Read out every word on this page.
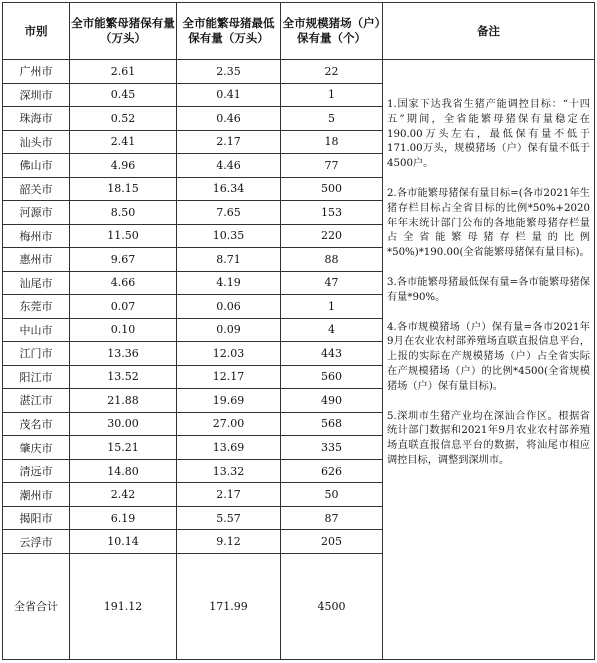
市别	全市能繁母猪保有量（万头）	全市能繁母猪最低保有量（万头）	全市规模猪场（户）保有量（个）	备注
广州市	2.61	2.35	22	1.国家下达我省生猪产能调控目标：“十四五”期间，全省能繁母猪保有量稳定在190.00万头左右，最低保有量不低于171.00万头，规模猪场（户）保有量不低于4500户。
2.各市能繁母猪保有量目标=(各市2021年生猪存栏目标占全省目标的比例*50%+2020年年末统计部门公布的各地能繁母猪存栏量占全省能繁母猪存栏量的比例*50%)*190.00(全省能繁母猪保有量目标)。
3.各市能繁母猪最低保有量=各市能繁母猪保有量*90%。
4.各市规模猪场（户）保有量=各市2021年9月在农业农村部养殖场直联直报信息平台，上报的实际在产规模猪场（户）占全省实际在产规模猪场（户）的比例*4500(全省规模猪场（户）保有量目标)。
5.深圳市生猪产业均在深汕合作区。根据省统计部门数据和2021年9月农业农村部养殖场直联直报信息平台的数据，将汕尾市相应调控目标，调整到深圳市。

深圳市	0.45	0.41	1	
珠海市	0.52	0.46	5	
汕头市	2.41	2.17	18	
佛山市	4.96	4.46	77	
韶关市	18.15	16.34	500	
河源市	8.50	7.65	153	
梅州市	11.50	10.35	220	
惠州市	9.67	8.71	88	
汕尾市	4.66	4.19	47	
东莞市	0.07	0.06	1	
中山市	0.10	0.09	4	
江门市	13.36	12.03	443	
阳江市	13.52	12.17	560	
湛江市	21.88	19.69	490	
茂名市	30.00	27.00	568	
肇庆市	15.21	13.69	335	
清远市	14.80	13.32	626	
潮州市	2.42	2.17	50	
揭阳市	6.19	5.57	87	
云浮市	10.14	9.12	205	
全省合计	191.12	171.99	4500	
